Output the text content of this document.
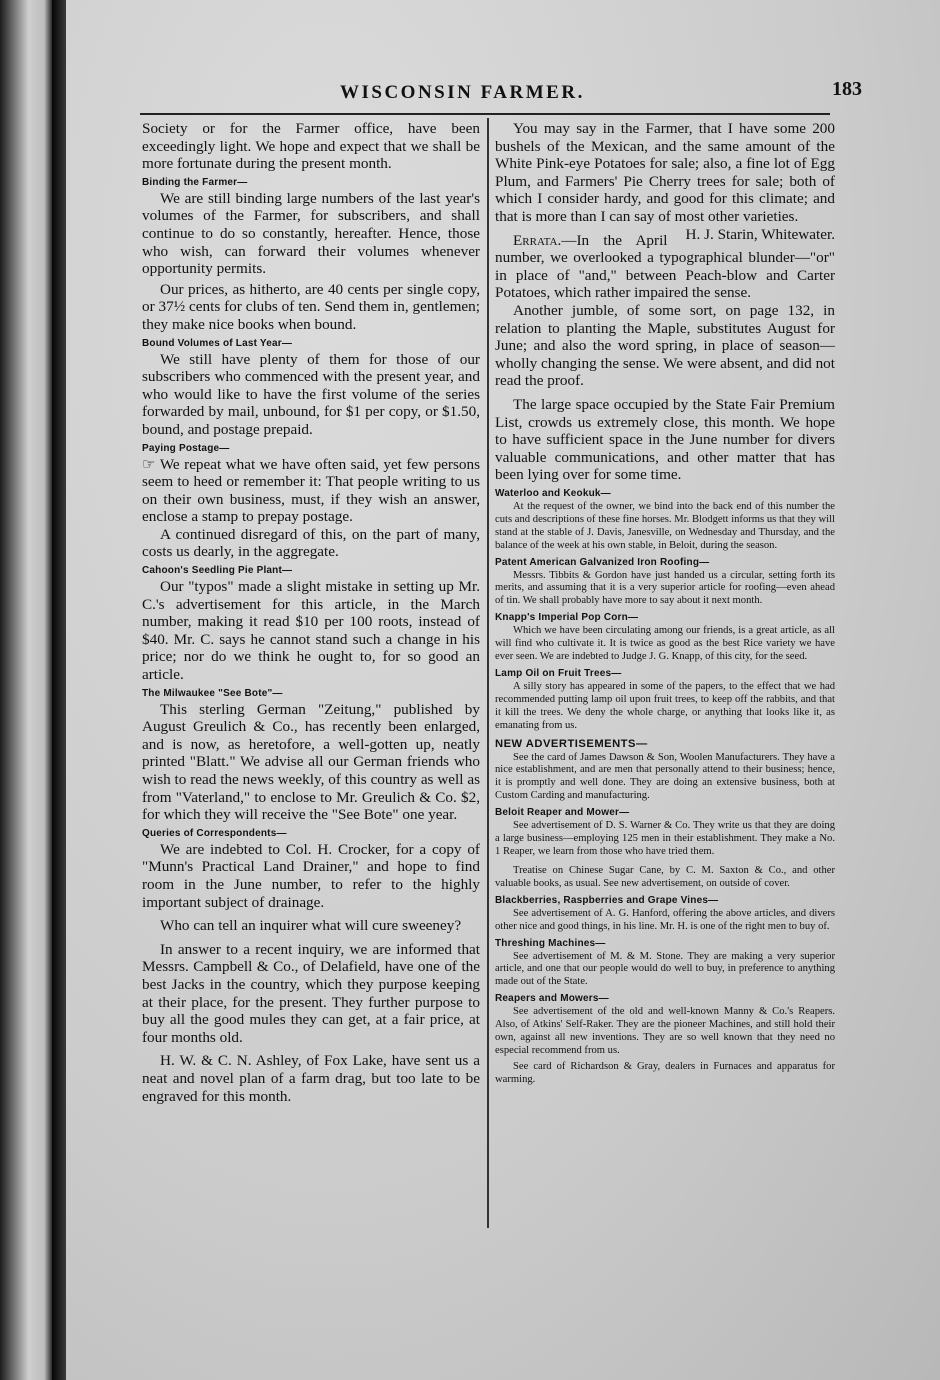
WISCONSIN FARMER.	183

Society or for the Farmer office, have been exceedingly light. We hope and expect that we shall be more fortunate during the present month.

Binding the Farmer—

We are still binding large numbers of the last year's volumes of the Farmer, for subscribers, and shall continue to do so constantly, hereafter. Hence, those who wish, can forward their volumes whenever opportunity permits.

Our prices, as hitherto, are 40 cents per single copy, or 37½ cents for clubs of ten. Send them in, gentlemen; they make nice books when bound.

Bound Volumes of Last Year—

We still have plenty of them for those of our subscribers who commenced with the present year, and who would like to have the first volume of the series forwarded by mail, unbound, for $1 per copy, or $1.50, bound, and postage prepaid.

Paying Postage—

☞ We repeat what we have often said, yet few persons seem to heed or remember it: That people writing to us on their own business, must, if they wish an answer, enclose a stamp to prepay postage.

A continued disregard of this, on the part of many, costs us dearly, in the aggregate.

Cahoon's Seedling Pie Plant—

Our "typos" made a slight mistake in setting up Mr. C.'s advertisement for this article, in the March number, making it read $10 per 100 roots, instead of $40. Mr. C. says he cannot stand such a change in his price; nor do we think he ought to, for so good an article.

The Milwaukee "See Bote"—

This sterling German "Zeitung," published by August Greulich & Co., has recently been enlarged, and is now, as heretofore, a well-gotten up, neatly printed "Blatt." We advise all our German friends who wish to read the news weekly, of this country as well as from "Vaterland," to enclose to Mr. Greulich & Co. $2, for which they will receive the "See Bote" one year.

Queries of Correspondents—

We are indebted to Col. H. Crocker, for a copy of "Munn's Practical Land Drainer," and hope to find room in the June number, to refer to the highly important subject of drainage.

Who can tell an inquirer what will cure sweeney?

In answer to a recent inquiry, we are informed that Messrs. Campbell & Co., of Delafield, have one of the best Jacks in the country, which they purpose keeping at their place, for the present. They further purpose to buy all the good mules they can get, at a fair price, at four months old.

H. W. & C. N. Ashley, of Fox Lake, have sent us a neat and novel plan of a farm drag, but too late to be engraved for this month.

You may say in the Farmer, that I have some 200 bushels of the Mexican, and the same amount of the White Pink-eye Potatoes for sale; also, a fine lot of Egg Plum, and Farmers' Pie Cherry trees for sale; both of which I consider hardy, and good for this climate; and that is more than I can say of most other varieties.
H. J. Starin, Whitewater.

Errata.—In the April number, we overlooked a typographical blunder—"or" in place of "and," between Peach-blow and Carter Potatoes, which rather impaired the sense.

Another jumble, of some sort, on page 132, in relation to planting the Maple, substitutes August for June; and also the word spring, in place of season—wholly changing the sense. We were absent, and did not read the proof.

The large space occupied by the State Fair Premium List, crowds us extremely close, this month. We hope to have sufficient space in the June number for divers valuable communications, and other matter that has been lying over for some time.

Waterloo and Keokuk—

At the request of the owner, we bind into the back end of this number the cuts and descriptions of these fine horses. Mr. Blodgett informs us that they will stand at the stable of J. Davis, Janesville, on Wednesday and Thursday, and the balance of the week at his own stable, in Beloit, during the season.

Patent American Galvanized Iron Roofing—

Messrs. Tibbits & Gordon have just handed us a circular, setting forth its merits, and assuming that it is a very superior article for roofing—even ahead of tin. We shall probably have more to say about it next month.

Knapp's Imperial Pop Corn—

Which we have been circulating among our friends, is a great article, as all will find who cultivate it. It is twice as good as the best Rice variety we have ever seen. We are indebted to Judge J. G. Knapp, of this city, for the seed.

Lamp Oil on Fruit Trees—

A silly story has appeared in some of the papers, to the effect that we had recommended putting lamp oil upon fruit trees, to keep off the rabbits, and that it kill the trees. We deny the whole charge, or anything that looks like it, as emanating from us.

NEW ADVERTISEMENTS—

See the card of James Dawson & Son, Woolen Manufacturers. They have a nice establishment, and are men that personally attend to their business; hence, it is promptly and well done. They are doing an extensive business, both at Custom Carding and manufacturing.

Beloit Reaper and Mower—

See advertisement of D. S. Warner & Co. They write us that they are doing a large business—employing 125 men in their establishment. They make a No. 1 Reaper, we learn from those who have tried them.

Treatise on Chinese Sugar Cane, by C. M. Saxton & Co., and other valuable books, as usual. See new advertisement, on outside of cover.

Blackberries, Raspberries and Grape Vines—

See advertisement of A. G. Hanford, offering the above articles, and divers other nice and good things, in his line. Mr. H. is one of the right men to buy of.

Threshing Machines—

See advertisement of M. & M. Stone. They are making a very superior article, and one that our people would do well to buy, in preference to anything made out of the State.

Reapers and Mowers—

See advertisement of the old and well-known Manny & Co.'s Reapers. Also, of Atkins' Self-Raker. They are the pioneer Machines, and still hold their own, against all new inventions. They are so well known that they need no especial recommend from us.

See card of Richardson & Gray, dealers in Furnaces and apparatus for warming.
